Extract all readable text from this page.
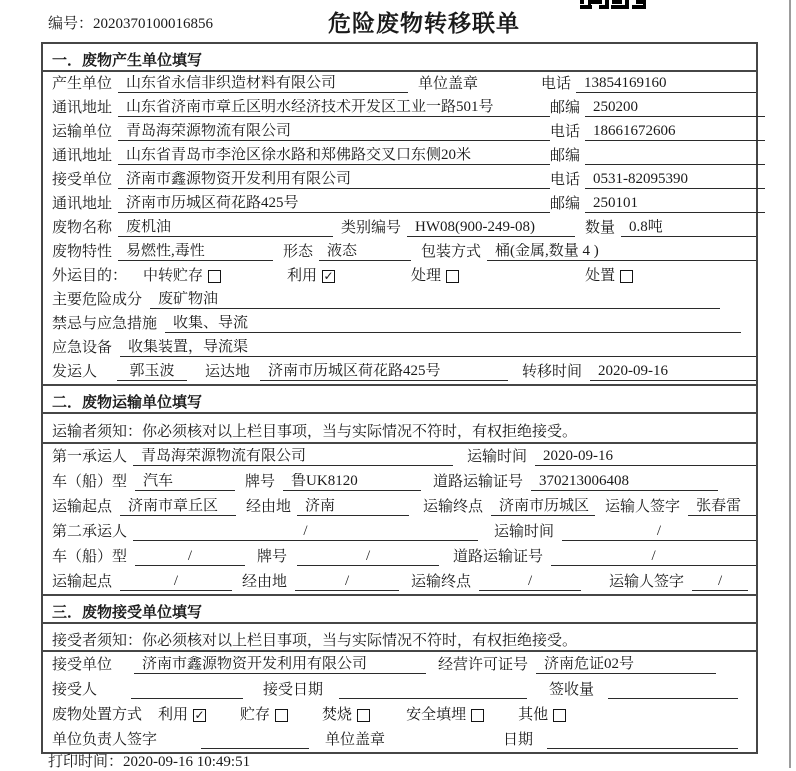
编号：2020370100016856	危险废物转移联单
一．废物产生单位填写
产生单位 山东省永信非织造材料有限公司	单位盖章	电话 13854169160
通讯地址 山东省济南市章丘区明水经济技术开发区工业一路501号	邮编 250200
运输单位 青岛海荣源物流有限公司	电话 18661672606
通讯地址 山东省青岛市李沧区徐水路和郑佛路交叉口东侧20米	邮编
接受单位 济南市鑫源物资开发利用有限公司	电话 0531-82095390
通讯地址 济南市历城区荷花路425号	邮编 250101
废物名称 废机油	类别编号 HW08(900-249-08)	数量 0.8吨
废物特性 易燃性,毒性	形态 液态	包装方式 桶(金属,数量 4 )
外运目的： 中转贮存	利用 ✓	处理	处置
主要危险成分	废矿物油
禁忌与应急措施	收集、导流
应急设备	收集装置，导流渠
发运人	郭玉波	运达地	济南市历城区荷花路425号	转移时间	2020-09-16
二．废物运输单位填写
运输者须知：你必须核对以上栏目事项，当与实际情况不符时，有权拒绝接受。
第一承运人 青岛海荣源物流有限公司	运输时间	2020-09-16
车（船）型	汽车	牌号	鲁UK8120	道路运输证号	370213006408
运输起点	济南市章丘区	经由地 济南	运输终点	济南市历城区	运输人签字	张春雷
第二承运人	/	运输时间	/
车（船）型	/	牌号	/	道路运输证号	/
运输起点	/	经由地	/	运输终点	/	运输人签字	/
三．废物接受单位填写
接受者须知：你必须核对以上栏目事项，当与实际情况不符时，有权拒绝接受。
接受单位	济南市鑫源物资开发利用有限公司	经营许可证号	济南危证02号
接受人	接受日期	签收量
废物处置方式 利用 ✓ 贮存	焚烧	安全填埋	其他
单位负责人签字	单位盖章	日期
打印时间：2020-09-16 10:49:51
